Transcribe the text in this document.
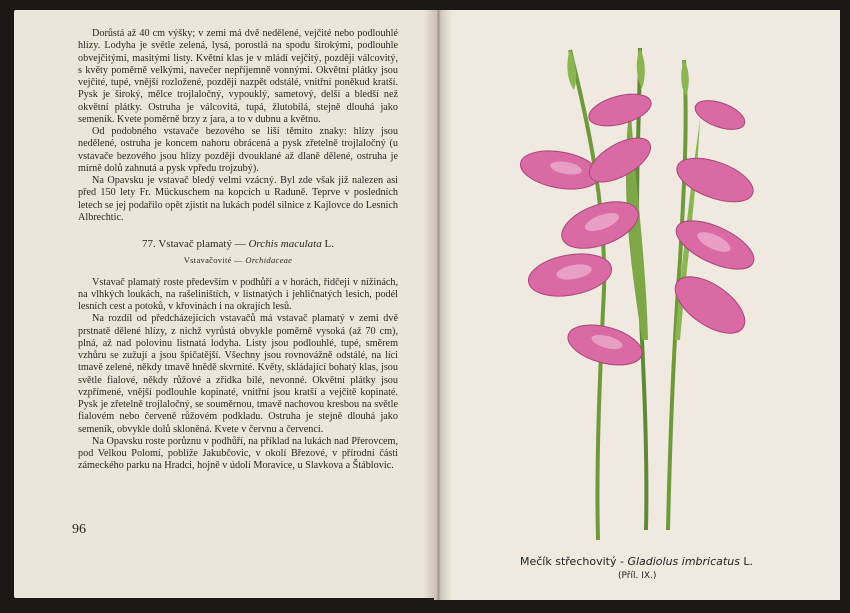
Dorůstá až 40 cm výšky; v zemi má dvě nedělené, vejčité nebo podlouhlé hlízy. Lodyha je světle zelená, lysá, porostlá na spodu širokými, podlouhle obvejčitými, masitými listy. Květní klas je v mládí vejčitý, později válcovitý, s květy poměrně velkými, navečer nepříjemně vonnými. Okvětní plátky jsou vejčité, tupé, vnější rozložené, později nazpět odstálé, vnitřní poněkud kratší. Pysk je široký, mělce trojlaločný, vypouklý, sametový, delší a bledší než okvětní plátky. Ostruha je válcovitá, tupá, žlutobílá, stejně dlouhá jako semeník. Kvete poměrně brzy z jara, a to v dubnu a květnu.

Od podobného vstavače bezového se liší těmito znaky: hlízy jsou nedělené, ostruha je koncem nahoru obrácená a pysk zřetelně trojlaločný (u vstavače bezového jsou hlízy později dvouklané až dlaně dělené, ostruha je mírně dolů zahnutá a pysk vpředu trojzubý).

Na Opavsku je vstavač bledý velmi vzácný. Byl zde však již nalezen asi před 150 lety Fr. Mückuschem na kopcích u Raduně. Teprve v posledních letech se jej podařilo opět zjistit na lukách podél silnice z Kajlovce do Lesních Albrechtic.

77. Vstavač plamatý — Orchis maculata L.
Vstavačovité — Orchidaceae

Vstavač plamatý roste především v podhůří a v horách, řidčeji v nížinách, na vlhkých loukách, na rašeliništích, v listnatých i jehličnatých lesích, podél lesních cest a potoků, v křovinách i na okrajích lesů.

Na rozdíl od předcházejících vstavačů má vstavač plamatý v zemi dvě prstnatě dělené hlízy, z nichž vyrůstá obvykle poměrně vysoká (až 70 cm), plná, až nad polovinu listnatá lodyha. Listy jsou podlouhlé, tupé, směrem vzhůru se zužují a jsou špičatější. Všechny jsou rovnovážně odstálé, na líci tmavě zelené, někdy tmavě hnědě skvrnité. Květy, skládající bohatý klas, jsou světle fialové, někdy růžové a zřídka bílé, nevonné. Okvětní plátky jsou vzpřímené, vnější podlouhle kopinaté, vnitřní jsou kratší a vejčitě kopinaté. Pysk je zřetelně trojlaločný, se souměrnou, tmavě nachovou kresbou na světle fialovém nebo červeně růžovém podkladu. Ostruha je stejně dlouhá jako semeník, obvykle dolů skloněná. Kvete v červnu a červenci.

Na Opavsku roste porůznu v podhůří, na příklad na lukách nad Přerovcem, pod Velkou Polomí, poblíže Jakubčovic, v okolí Březové, v přírodní části zámeckého parku na Hradci, hojně v údolí Moravice, u Slavkova a Štáblovic.

96
Mečík střechovitý - Gladiolus imbricatus L.
(Příl. IX.)
